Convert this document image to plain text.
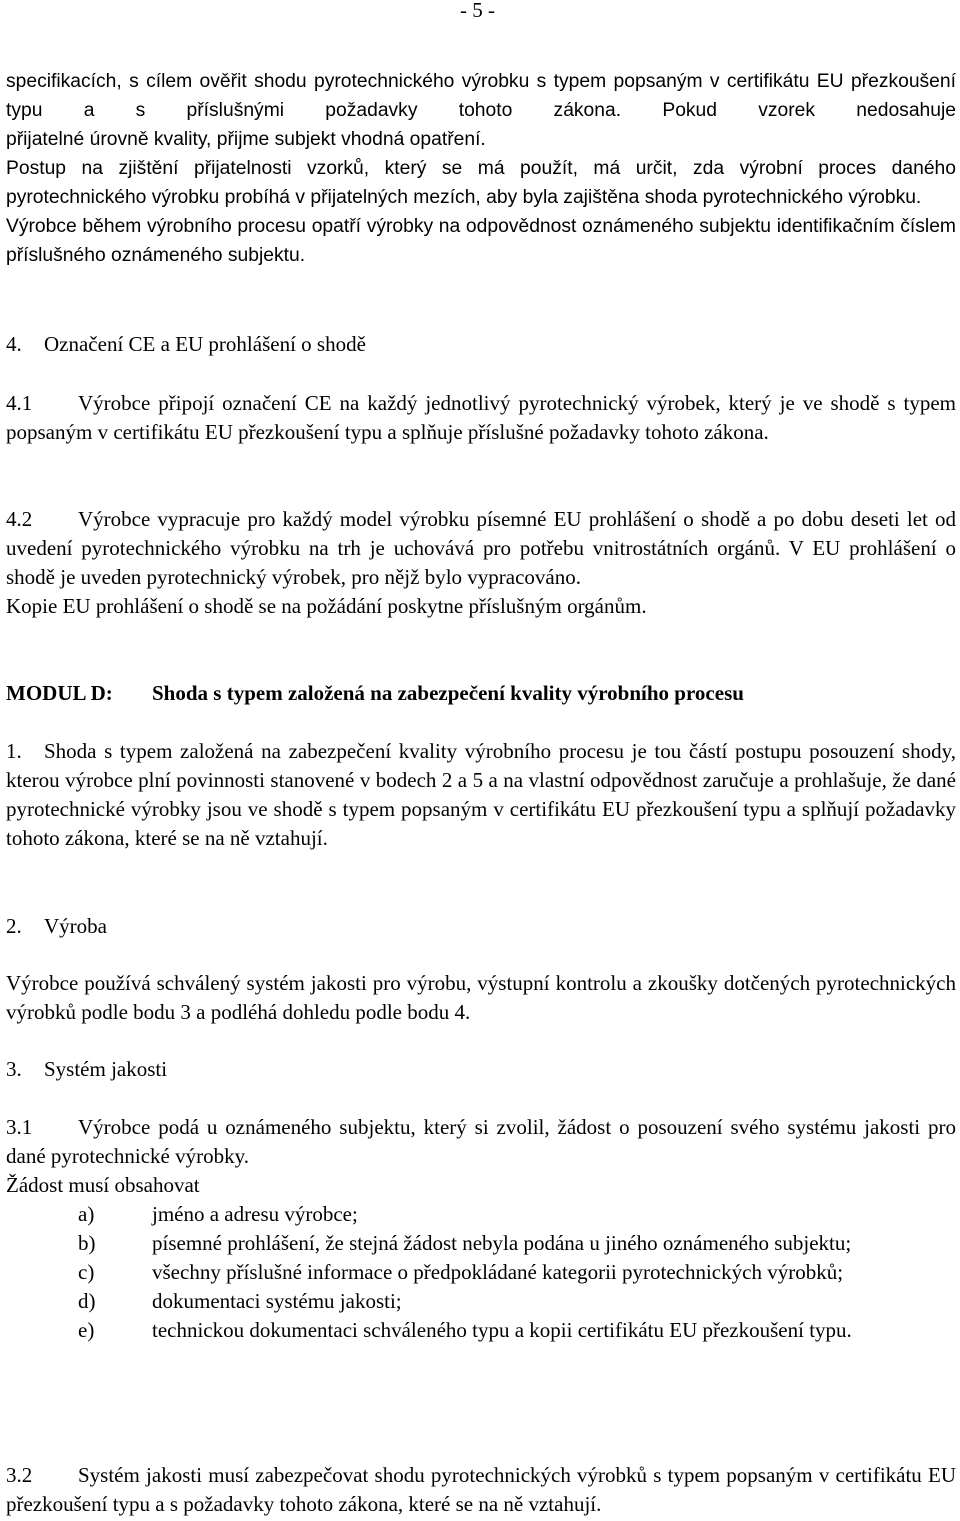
- 5 -

specifikacích, s cílem ověřit shodu pyrotechnického výrobku s typem popsaným v certifikátu EU přezkoušení typu a s příslušnými požadavky tohoto zákona. Pokud vzorek nedosahuje

přijatelné úrovně kvality, přijme subjekt vhodná opatření.

Postup na zjištění přijatelnosti vzorků, který se má použít, má určit, zda výrobní proces daného pyrotechnického výrobku probíhá v přijatelných mezích, aby byla zajištěna shoda pyrotechnického výrobku.

Výrobce během výrobního procesu opatří výrobky na odpovědnost oznámeného subjektu identifikačním číslem příslušného oznámeného subjektu.

4. Označení CE a EU prohlášení o shodě
4.1 Výrobce připojí označení CE na každý jednotlivý pyrotechnický výrobek, který je ve shodě s typem popsaným v certifikátu EU přezkoušení typu a splňuje příslušné požadavky tohoto zákona.

4.2 Výrobce vypracuje pro každý model výrobku písemné EU prohlášení o shodě a po dobu deseti let od uvedení pyrotechnického výrobku na trh je uchovává pro potřebu vnitrostátních orgánů. V EU prohlášení o shodě je uveden pyrotechnický výrobek, pro nějž bylo vypracováno.

Kopie EU prohlášení o shodě se na požádání poskytne příslušným orgánům.

MODUL D: Shoda s typem založená na zabezpečení kvality výrobního procesu
1. Shoda s typem založená na zabezpečení kvality výrobního procesu je tou částí postupu posouzení shody, kterou výrobce plní povinnosti stanovené v bodech 2 a 5 a na vlastní odpovědnost zaručuje a prohlašuje, že dané pyrotechnické výrobky jsou ve shodě s typem popsaným v certifikátu EU přezkoušení typu a splňují požadavky tohoto zákona, které se na ně vztahují.
2. Výroba
Výrobce používá schválený systém jakosti pro výrobu, výstupní kontrolu a zkoušky dotčených pyrotechnických výrobků podle bodu 3 a podléhá dohledu podle bodu 4.
3. Systém jakosti

3.1 Výrobce podá u oznámeného subjektu, který si zvolil, žádost o posouzení svého systému jakosti pro dané pyrotechnické výrobky.

Žádost musí obsahovat

a)	jméno a adresu výrobce;
b)	písemné prohlášení, že stejná žádost nebyla podána u jiného oznámeného subjektu;
c)	všechny příslušné informace o předpokládané kategorii pyrotechnických výrobků;
d)	dokumentaci systému jakosti;
e)	technickou dokumentaci schváleného typu a kopii certifikátu EU přezkoušení typu.
3.2 Systém jakosti musí zabezpečovat shodu pyrotechnických výrobků s typem popsaným v certifikátu EU přezkoušení typu a s požadavky tohoto zákona, které se na ně vztahují.
